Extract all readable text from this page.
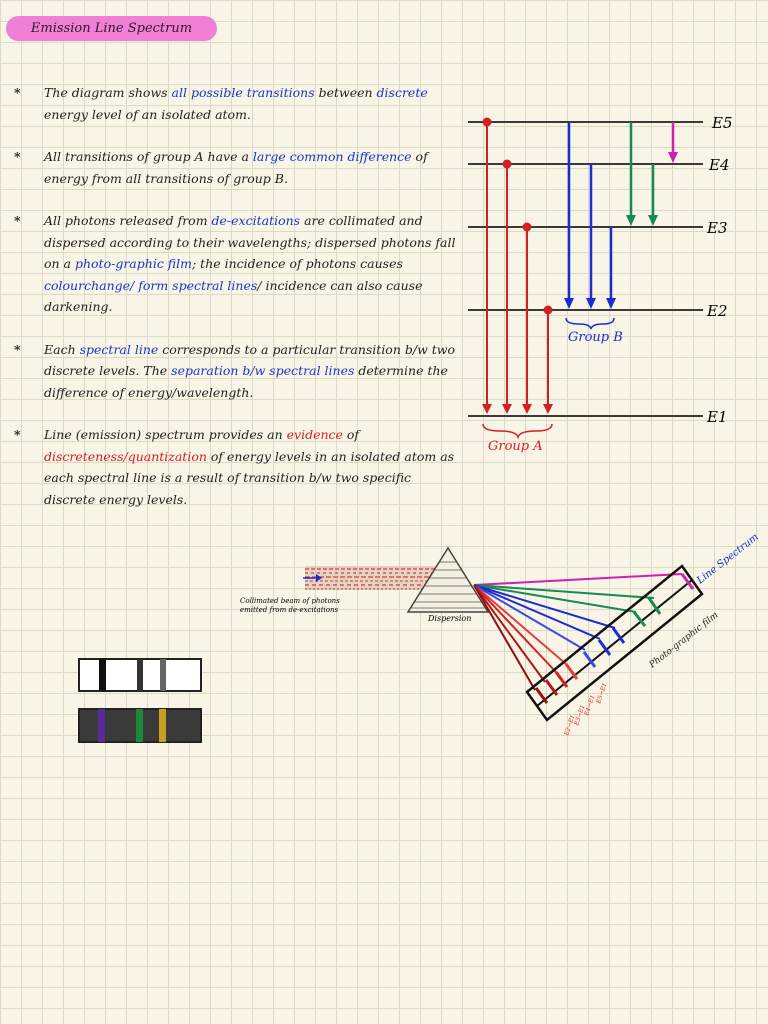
Emission Line Spectrum
* The diagram shows all possible transitions between discrete energy level of an isolated atom.
* All transitions of group A have a large common difference of energy from all transitions of group B.
* All photons released from de-excitations are collimated and dispersed according to their wavelengths; dispersed photons fall on a photo-graphic film; the incidence of photons causes colourchange/ form spectral lines/ incidence can also cause darkening.
* Each spectral line corresponds to a particular transition b/w two discrete levels. The separation b/w spectral lines determine the difference of energy/wavelength.
* Line (emission) spectrum provides an evidence of discreteness/quantization of energy levels in an isolated atom as each spectral line is a result of transition b/w two specific discrete energy levels.
E5
E4
E3
E2
E1
Group A
Group B
Collimated beam of photons
emitted from de-excitations
Dispersion	Photo-graphic film
Line Spectrum
E5→E1
E4→E1
E3→E1
E2→E1
